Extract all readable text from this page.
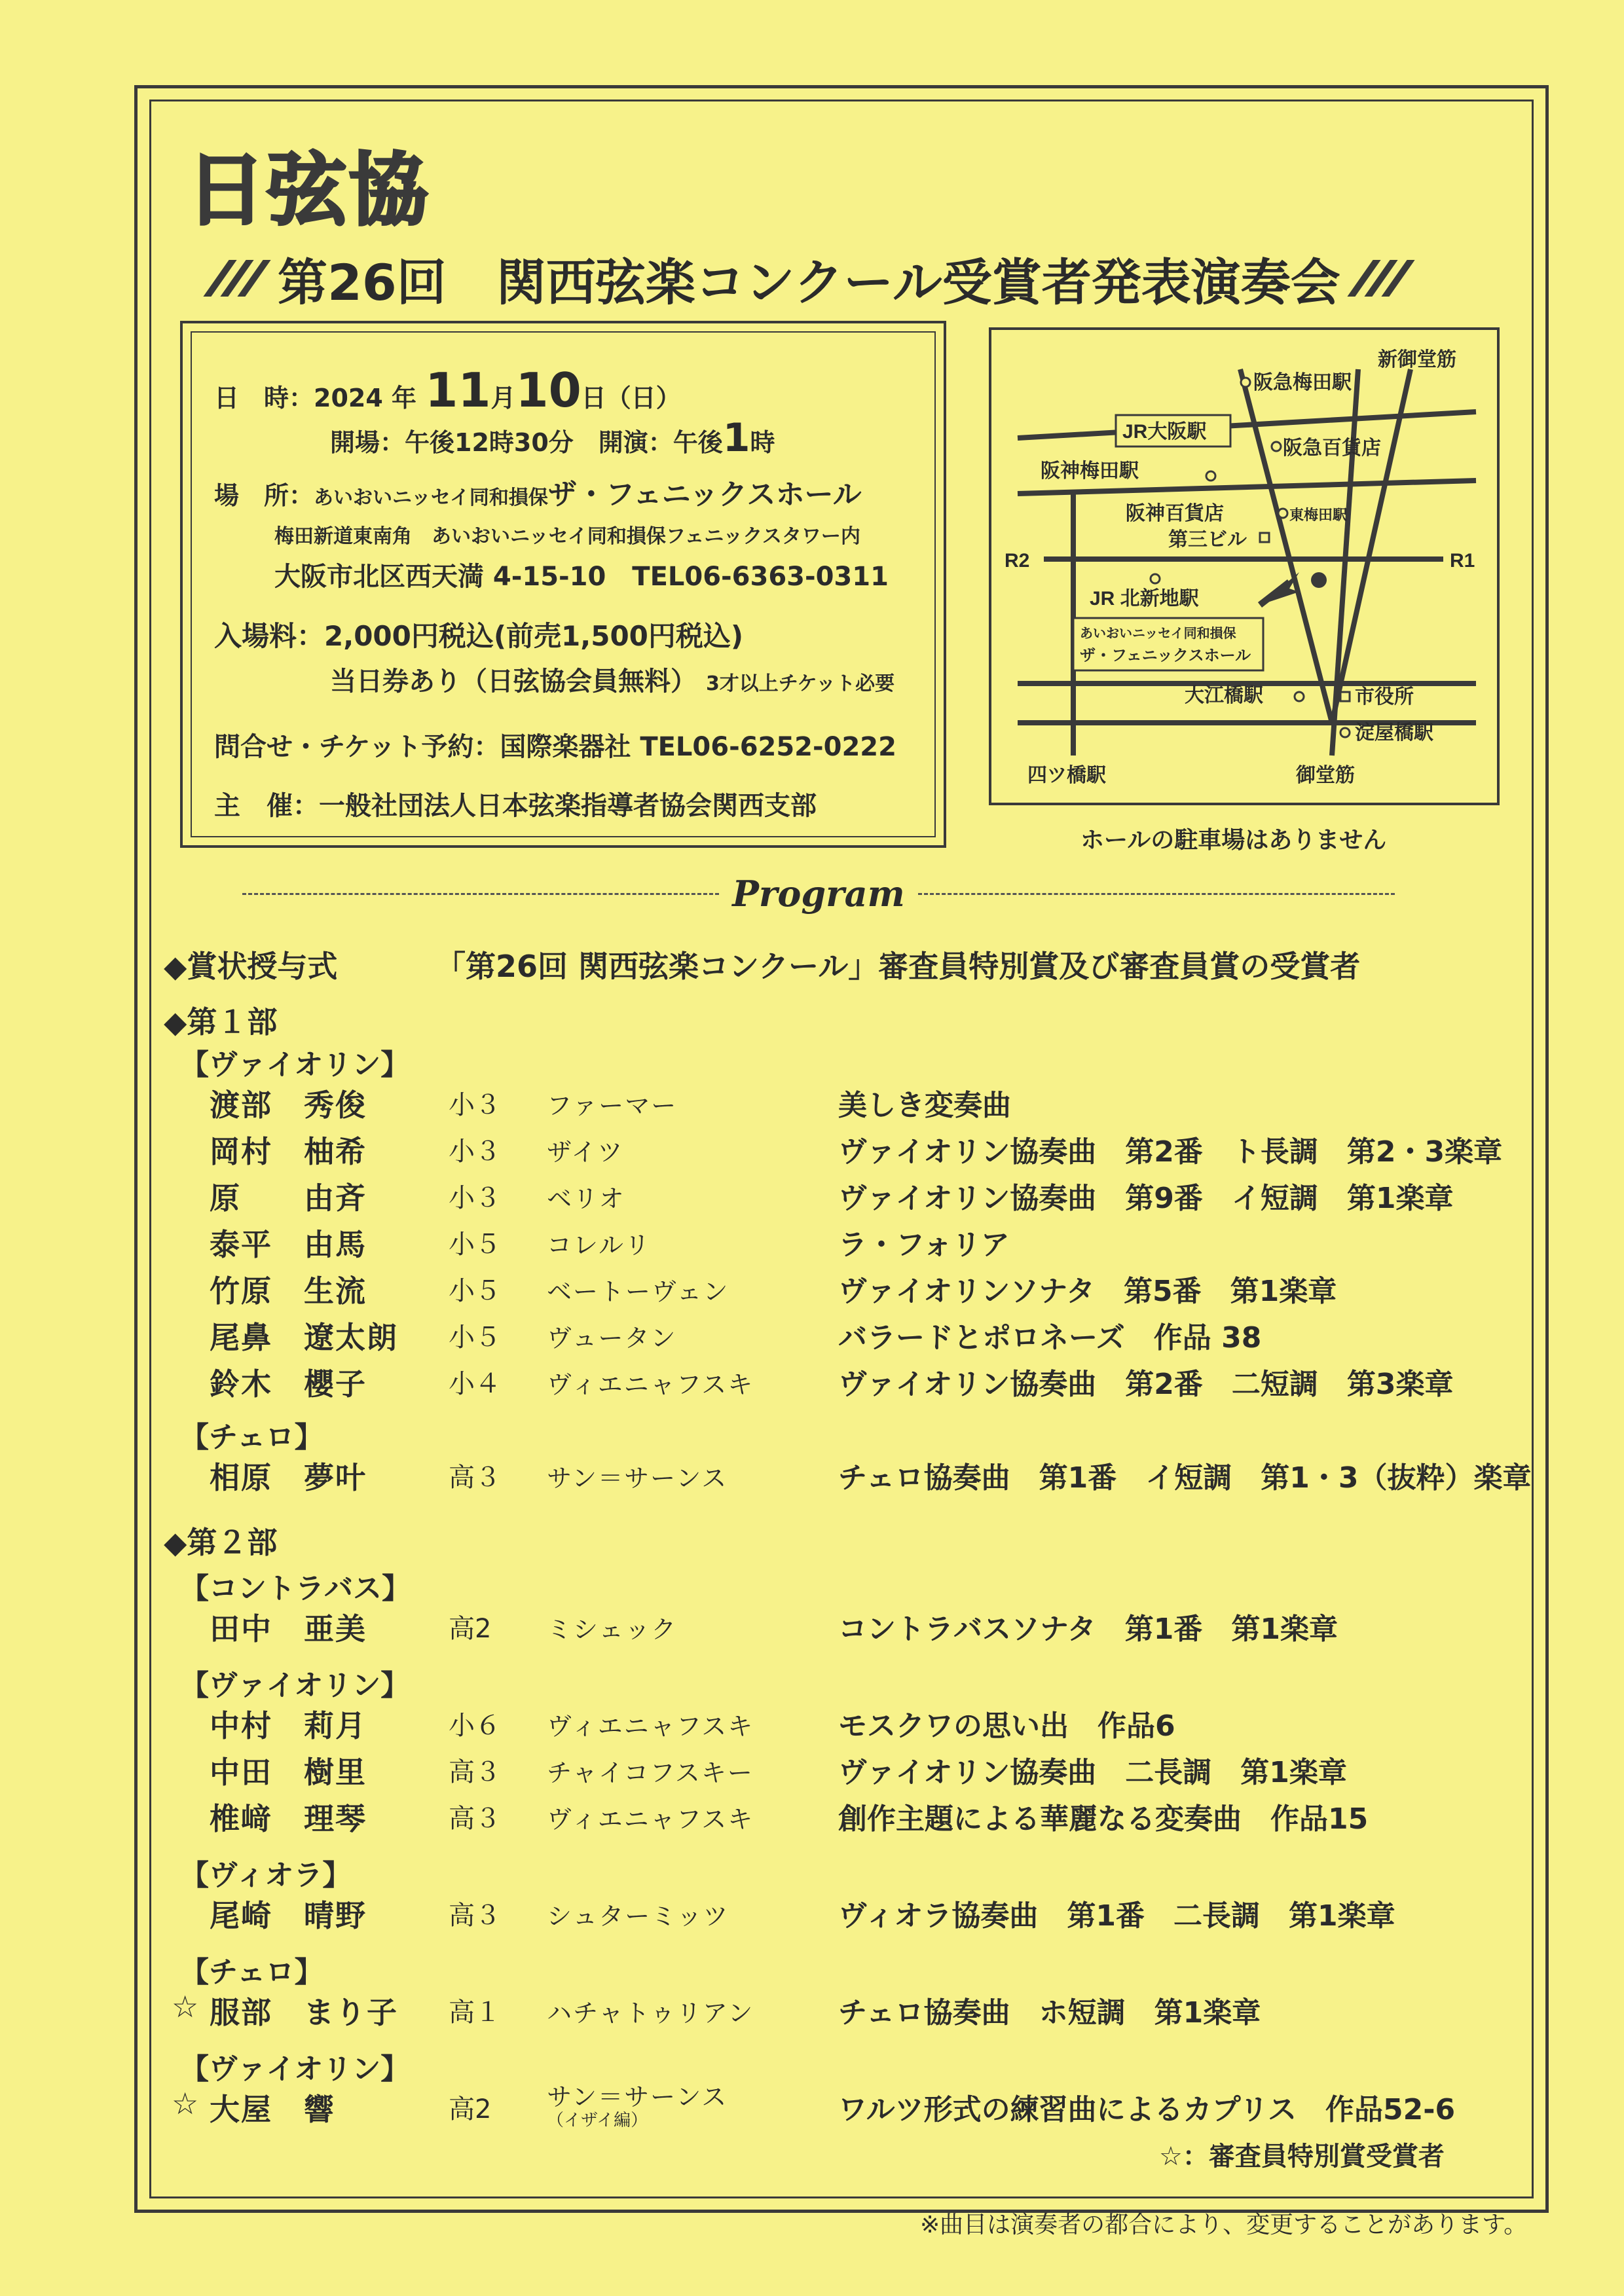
日弦協
第26回　関西弦楽コンクール受賞者発表演奏会
日　時：2024 年 11月10日（日）
開場：午後12時30分　開演：午後1時
場　所：あいおいニッセイ同和損保ザ・フェニックスホール
梅田新道東南角　あいおいニッセイ同和損保フェニックスタワー内
大阪市北区西天満 4-15-10　TEL06-6363-0311
入場料：2,000円税込(前売1,500円税込)
当日券あり（日弦協会員無料） 3才以上チケット必要
問合せ・チケット予約：国際楽器社 TEL06-6252-0222
主　催：一般社団法人日本弦楽指導者協会関西支部
新御堂筋
阪急梅田駅
JR大阪駅
阪神梅田駅
阪急百貨店
阪神百貨店	東梅田駅
第三ビル
R2	R1
JR 北新地駅
あいおいニッセイ同和損保
ザ・フェニックスホール
大江橋駅	市役所
淀屋橋駅
四ツ橋駅	御堂筋
ホールの駐車場はありません
Program
◆賞状授与式	「第26回 関西弦楽コンクール」審査員特別賞及び審査員賞の受賞者
◆第１部
【ヴァイオリン】
渡部　秀俊	小３ ファーマー	美しき変奏曲
岡村　柚希	小３ ザイツ	ヴァイオリン協奏曲　第2番　ト長調　第2・3楽章
原　　由斉	小３ ベリオ	ヴァイオリン協奏曲　第9番　イ短調　第1楽章
泰平　由馬	小５ コレルリ	ラ・フォリア
竹原　生流	小５ ベートーヴェン	ヴァイオリンソナタ　第5番　第1楽章
尾鼻　遼太朗 小５ ヴュータン	バラードとポロネーズ　作品 38
鈴木　櫻子	小４ ヴィエニャフスキ	ヴァイオリン協奏曲　第2番　二短調　第3楽章
【チェロ】
相原　夢叶	高３ サン＝サーンス	チェロ協奏曲　第1番　イ短調　第1・3（抜粋）楽章
◆第２部
【コントラバス】
田中　亜美	高2 ミシェック	コントラバスソナタ　第1番　第1楽章
【ヴァイオリン】
中村　莉月	小６ ヴィエニャフスキ	モスクワの思い出　作品6
中田　樹里	高３ チャイコフスキー	ヴァイオリン協奏曲　二長調　第1楽章
椎﨑　理琴	高３ ヴィエニャフスキ	創作主題による華麗なる変奏曲　作品15
【ヴィオラ】
尾崎　晴野	高３ シュターミッツ	ヴィオラ協奏曲　第1番　二長調　第1楽章
【チェロ】
☆ 服部　まり子 高１ ハチャトゥリアン	チェロ協奏曲　ホ短調　第1楽章
【ヴァイオリン】
☆ 大屋　響	高2 サン＝サーンス
（イザイ編）	ワルツ形式の練習曲によるカプリス　作品52-6
☆：審査員特別賞受賞者
※曲目は演奏者の都合により、変更することがあります。
